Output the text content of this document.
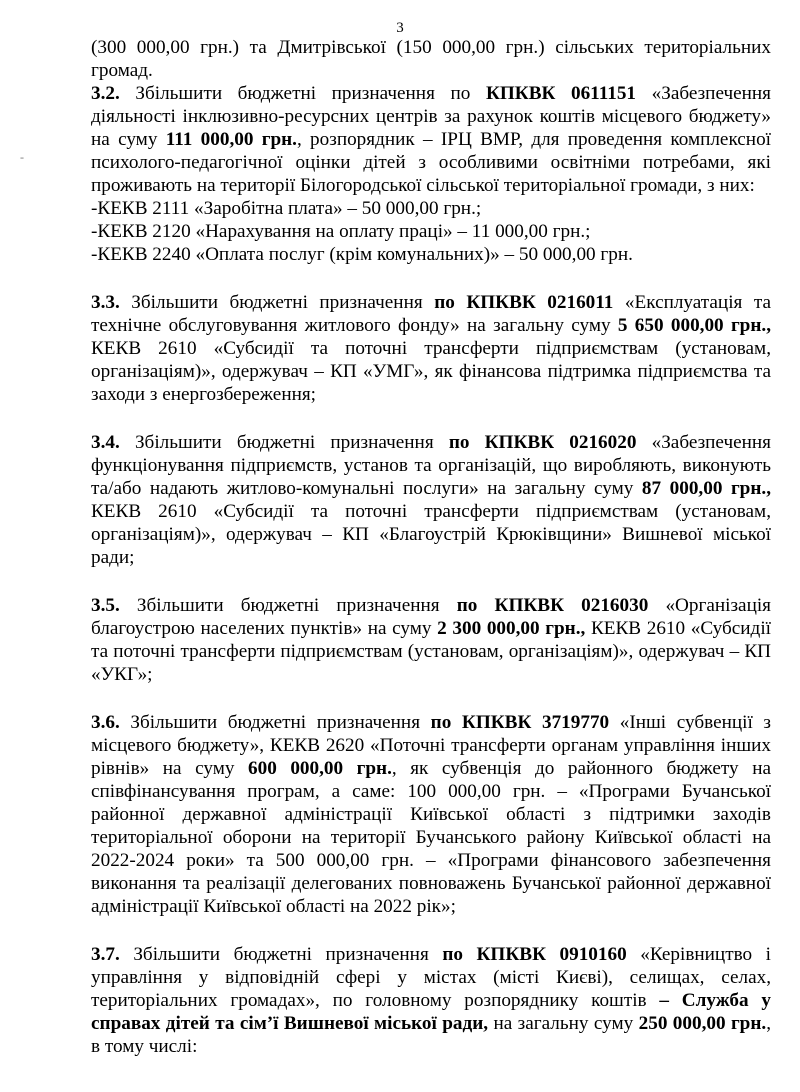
3
-

(300 000,00 грн.) та Дмитрівської (150 000,00 грн.) сільських територіальних
громад.

3.2. Збільшити бюджетні призначення по КПКВК 0611151 «Забезпечення діяльності інклюзивно-ресурсних центрів за рахунок коштів місцевого бюджету» на суму 111 000,00 грн., розпорядник – ІРЦ ВМР, для проведення комплексної психолого-педагогічної оцінки дітей з особливими освітніми потребами, які проживають на території Білогородської сільської територіальної громади, з них:

-КЕКВ 2111 «Заробітна плата» – 50 000,00 грн.;

-КЕКВ 2120 «Нарахування на оплату праці» – 11 000,00 грн.;

-КЕКВ 2240 «Оплата послуг (крім комунальних)» – 50 000,00 грн.

3.3. Збільшити бюджетні призначення по КПКВК 0216011 «Експлуатація та технічне обслуговування житлового фонду» на загальну суму 5 650 000,00 грн., КЕКВ 2610 «Субсидії та поточні трансферти підприємствам (установам, організаціям)», одержувач – КП «УМГ», як фінансова підтримка підприємства та заходи з енергозбереження;

3.4. Збільшити бюджетні призначення по КПКВК 0216020 «Забезпечення функціонування підприємств, установ та організацій, що виробляють, виконують та/або надають житлово-комунальні послуги» на загальну суму 87 000,00 грн., КЕКВ 2610 «Субсидії та поточні трансферти підприємствам (установам, організаціям)», одержувач – КП «Благоустрій Крюківщини» Вишневої міської ради;

3.5. Збільшити бюджетні призначення по КПКВК 0216030 «Організація благоустрою населених пунктів» на суму 2 300 000,00 грн., КЕКВ 2610 «Субсидії та поточні трансферти підприємствам (установам, організаціям)», одержувач – КП «УКГ»;

3.6. Збільшити бюджетні призначення по КПКВК 3719770 «Інші субвенції з місцевого бюджету», КЕКВ 2620 «Поточні трансферти органам управління інших рівнів» на суму 600 000,00 грн., як субвенція до районного бюджету на співфінансування програм, а саме: 100 000,00 грн. – «Програми Бучанської районної державної адміністрації Київської області з підтримки заходів територіальної оборони на території Бучанського району Київської області на 2022-2024 роки» та 500 000,00 грн. – «Програми фінансового забезпечення виконання та реалізації делегованих повноважень Бучанської районної державної адміністрації Київської області на 2022 рік»;

3.7. Збільшити бюджетні призначення по КПКВК 0910160 «Керівництво і управління у відповідній сфері у містах (місті Києві), селищах, селах, територіальних громадах», по головному розпоряднику коштів – Служба у справах дітей та сім’ї Вишневої міської ради, на загальну суму 250 000,00 грн., в тому числі:
